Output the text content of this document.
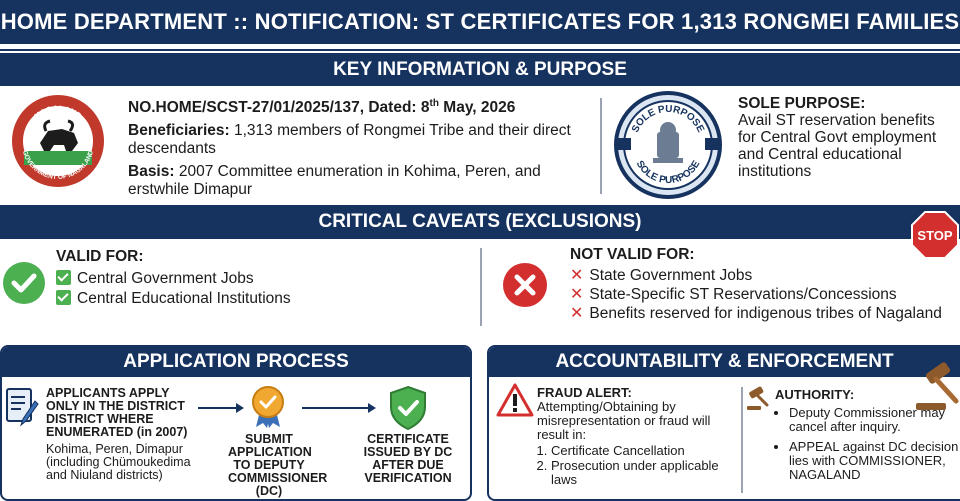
HOME DEPARTMENT :: NOTIFICATION: ST CERTIFICATES FOR 1,313 RONGMEI FAMILIES
KEY INFORMATION & PURPOSE
NAGALAND
GOVERNMENT OF NAGALAND
NO.HOME/SCST-27/01/2025/137, Dated: 8th May, 2026
Beneficiaries: 1,313 members of Rongmei Tribe and their direct descendants
Basis: 2007 Committee enumeration in Kohima, Peren, and erstwhile Dimapur
SOLE PURPOSE
SOLE PURPOSE
SOLE PURPOSE:
Avail ST reservation benefits for Central Govt employment and Central educational institutions
CRITICAL CAVEATS (EXCLUSIONS)
STOP
VALID FOR:
Central Government Jobs
Central Educational Institutions
NOT VALID FOR:
✕ State Government Jobs
✕ State-Specific ST Reservations/Concessions
✕ Benefits reserved for indigenous tribes of Nagaland
APPLICATION PROCESS
APPLICANTS APPLY ONLY IN THE DISTRICT DISTRICT WHERE ENUMERATED (in 2007)
Kohima, Peren, Dimapur (including Chümoukedima and Niuland districts)
SUBMIT APPLICATION TO DEPUTY COMMISSIONER (DC)
CERTIFICATE ISSUED BY DC AFTER DUE VERIFICATION
ACCOUNTABILITY & ENFORCEMENT
FRAUD ALERT:
Attempting/Obtaining by misrepresentation or fraud will result in:
1. Certificate Cancellation
2. Prosecution under applicable laws
AUTHORITY:
• Deputy Commissioner may cancel after inquiry.
• APPEAL against DC decision lies with COMMISSIONER, NAGALAND
